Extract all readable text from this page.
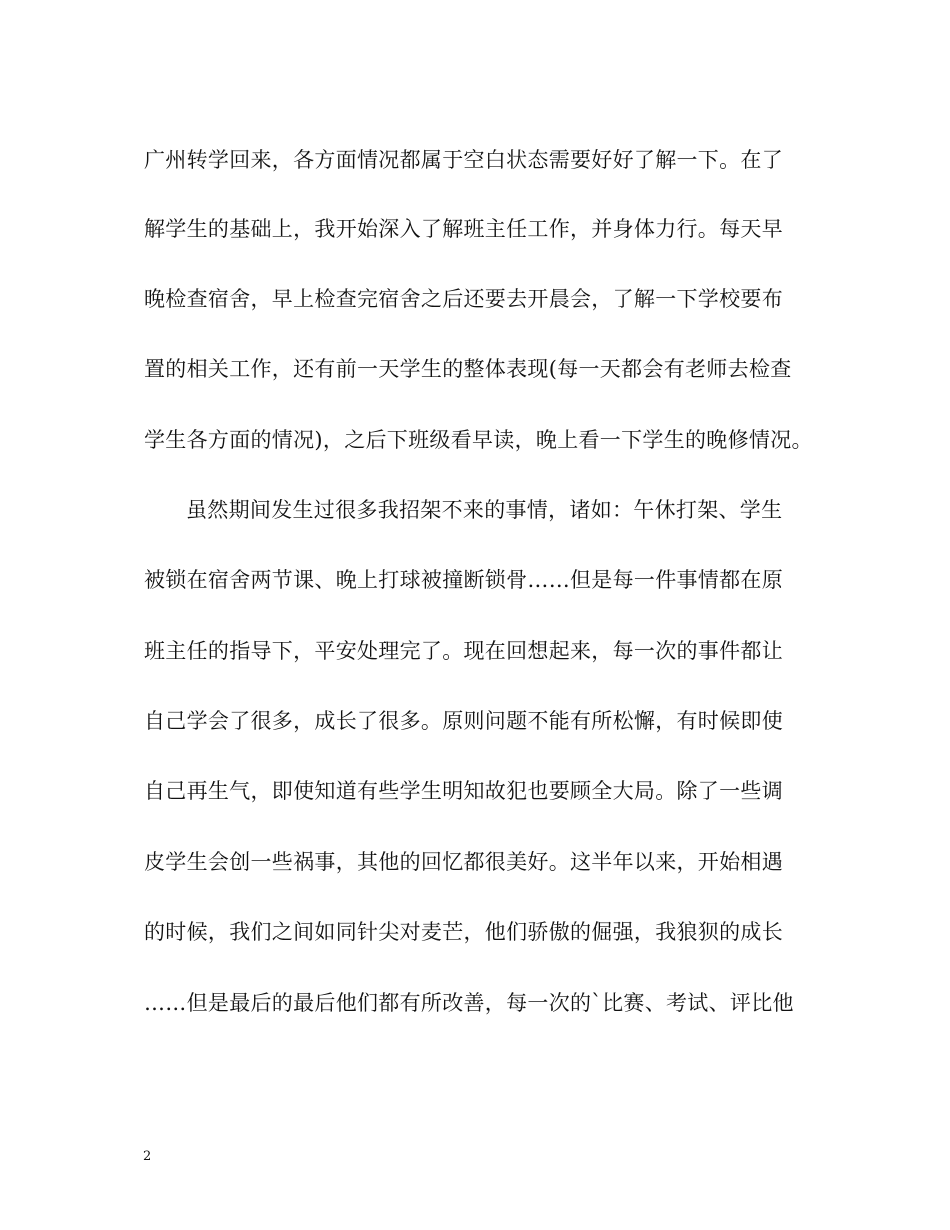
广州转学回来，各方面情况都属于空白状态需要好好了解一下。在了
解学生的基础上，我开始深入了解班主任工作，并身体力行。每天早
晚检查宿舍，早上检查完宿舍之后还要去开晨会，了解一下学校要布
置的相关工作，还有前一天学生的整体表现(每一天都会有老师去检查
学生各方面的情况)，之后下班级看早读，晚上看一下学生的晚修情况。
虽然期间发生过很多我招架不来的事情，诸如：午休打架、学生
被锁在宿舍两节课、晚上打球被撞断锁骨……但是每一件事情都在原
班主任的指导下，平安处理完了。现在回想起来，每一次的事件都让
自己学会了很多，成长了很多。原则问题不能有所松懈，有时候即使
自己再生气，即使知道有些学生明知故犯也要顾全大局。除了一些调
皮学生会创一些祸事，其他的回忆都很美好。这半年以来，开始相遇
的时候，我们之间如同针尖对麦芒，他们骄傲的倔强，我狼狈的成长
……但是最后的最后他们都有所改善，每一次的`比赛、考试、评比他
2
